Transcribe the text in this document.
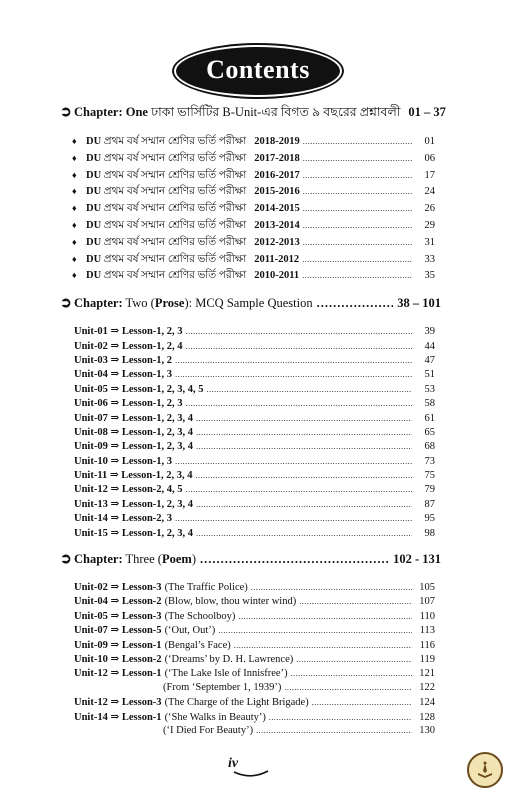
Contents
➲ Chapter: One ঢাকা ভার্সিটির B-Unit-এর বিগত ৯ বছরের প্রশ্নাবলী 01 – 37
♦ DU প্রথম বর্ষ সম্মান শ্রেণির ভর্তি পরীক্ষা 2018-2019 .....	01
♦ DU প্রথম বর্ষ সম্মান শ্রেণির ভর্তি পরীক্ষা 2017-2018 .....	06
♦ DU প্রথম বর্ষ সম্মান শ্রেণির ভর্তি পরীক্ষা 2016-2017 .....	17
♦ DU প্রথম বর্ষ সম্মান শ্রেণির ভর্তি পরীক্ষা 2015-2016 .....	24
♦ DU প্রথম বর্ষ সম্মান শ্রেণির ভর্তি পরীক্ষা 2014-2015 .....	26
♦ DU প্রথম বর্ষ সম্মান শ্রেণির ভর্তি পরীক্ষা 2013-2014 .....	29
♦ DU প্রথম বর্ষ সম্মান শ্রেণির ভর্তি পরীক্ষা 2012-2013 .....	31
♦ DU প্রথম বর্ষ সম্মান শ্রেণির ভর্তি পরীক্ষা 2011-2012 .....	33
♦ DU প্রথম বর্ষ সম্মান শ্রেণির ভর্তি পরীক্ষা 2010-2011 .....	35
➲ Chapter: Two (Prose): MCQ Sample Question .....	38 – 101
Unit-01 ⇒ Lesson-1, 2, 3 .....	39
Unit-02 ⇒ Lesson-1, 2, 4 .....	44
Unit-03 ⇒ Lesson-1, 2 .....	47
Unit-04 ⇒ Lesson-1, 3 .....	51
Unit-05 ⇒ Lesson-1, 2, 3, 4, 5 .....	53
Unit-06 ⇒ Lesson-1, 2, 3 .....	58
Unit-07 ⇒ Lesson-1, 2, 3, 4 .....	61
Unit-08 ⇒ Lesson-1, 2, 3, 4 .....	65
Unit-09 ⇒ Lesson-1, 2, 3, 4 .....	68
Unit-10 ⇒ Lesson-1, 3 .....	73
Unit-11 ⇒ Lesson-1, 2, 3, 4 .....	75
Unit-12 ⇒ Lesson-2, 4, 5 .....	79
Unit-13 ⇒ Lesson-1, 2, 3, 4 .....	87
Unit-14 ⇒ Lesson-2, 3 .....	95
Unit-15 ⇒ Lesson-1, 2, 3, 4 .....	98
➲ Chapter: Three (Poem) .....	102 - 131
Unit-02 ⇒ Lesson-3 (The Traffic Police) .....	105
Unit-04 ⇒ Lesson-2 (Blow, blow, thou winter wind) .....	107
Unit-05 ⇒ Lesson-3 (The Schoolboy) .....	110
Unit-07 ⇒ Lesson-5 (‘Out, Out’) .....	113
Unit-09 ⇒ Lesson-1 (Bengal’s Face) .....	116
Unit-10 ⇒ Lesson-2 (‘Dreams’ by D. H. Lawrence) .....	119
Unit-12 ⇒ Lesson-1 (‘The Lake Isle of Innisfree’) .....	121
(From ‘September 1, 1939’) .....	122
Unit-12 ⇒ Lesson-3 (The Charge of the Light Brigade) .....	124
Unit-14 ⇒ Lesson-1 (‘She Walks in Beauty’) .....	128
(‘I Died For Beauty’) .....	130
iv
